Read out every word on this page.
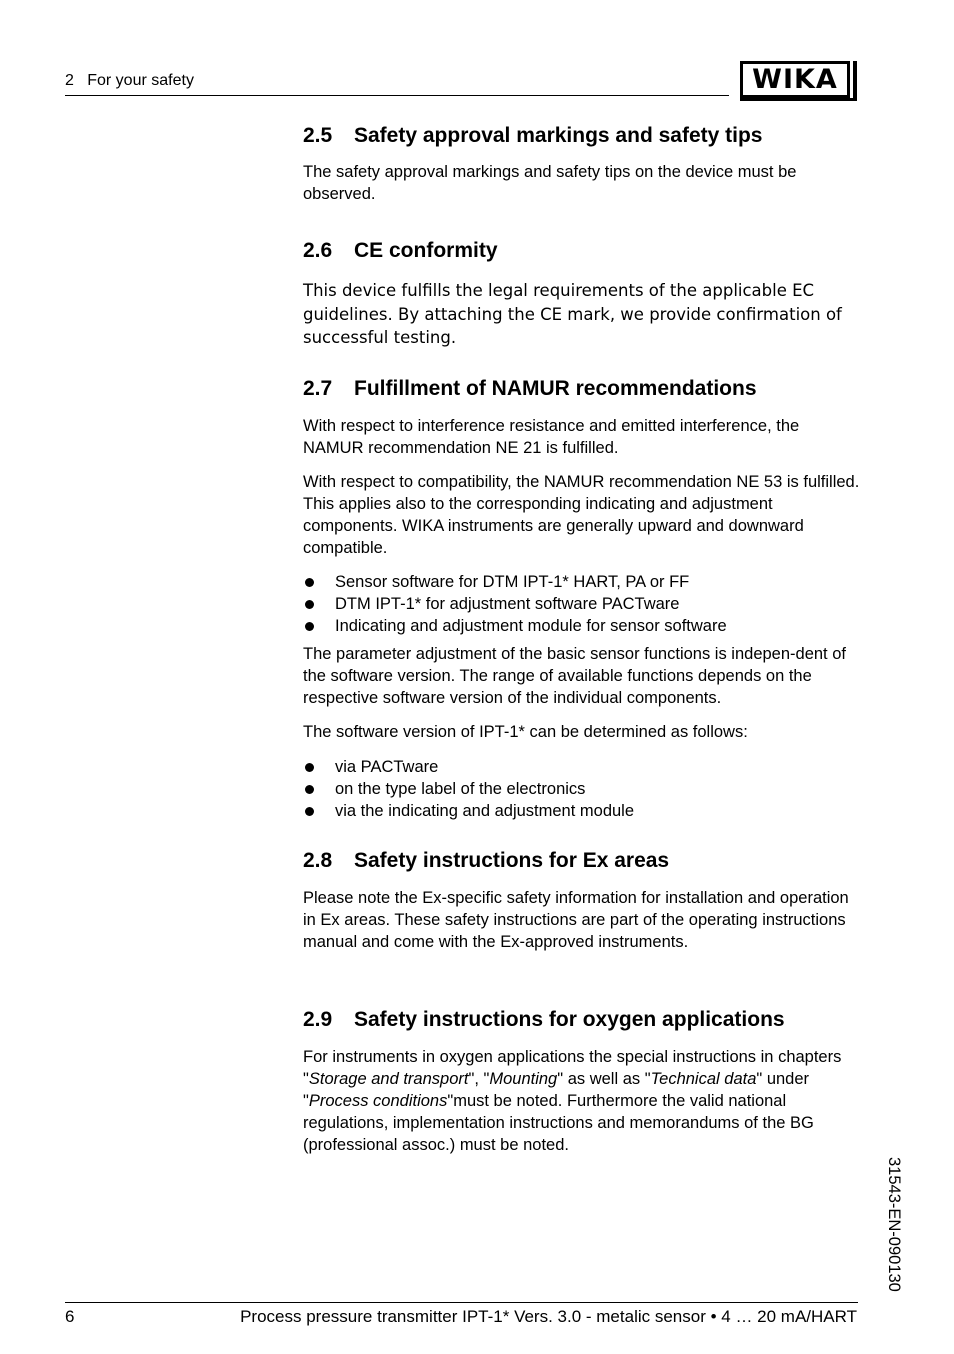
2   For your safety	WIKA
2.5 Safety approval markings and safety tips

The safety approval markings and safety tips on the device must be observed.

2.6 CE conformity

This device fulfills the legal requirements of the applicable EC guidelines. By attaching the CE mark, we provide confirmation of successful testing.

2.7 Fulfillment of NAMUR recommendations

With respect to interference resistance and emitted interference, the NAMUR recommendation NE 21 is fulfilled.

With respect to compatibility, the NAMUR recommendation NE 53 is fulfilled. This applies also to the corresponding indicating and adjustment components. WIKA instruments are generally upward and downward compatible.

Sensor software for DTM IPT-1* HART, PA or FF
DTM IPT-1* for adjustment software PACTware
Indicating and adjustment module for sensor software

The parameter adjustment of the basic sensor functions is indepen-dent of the software version. The range of available functions depends on the respective software version of the individual components.

The software version of IPT-1* can be determined as follows:

via PACTware
on the type label of the electronics
via the indicating and adjustment module
2.8 Safety instructions for Ex areas

Please note the Ex-specific safety information for installation and operation in Ex areas. These safety instructions are part of the operating instructions manual and come with the Ex-approved instruments.

2.9 Safety instructions for oxygen applications

For instruments in oxygen applications the special instructions in chapters "Storage and transport", "Mounting" as well as "Technical data" under "Process conditions"must be noted. Furthermore the valid national regulations, implementation instructions and memorandums of the BG (professional assoc.) must be noted.

31543-EN-090130
6	Process pressure transmitter IPT-1* Vers. 3.0 - metalic sensor • 4 … 20 mA/HART
